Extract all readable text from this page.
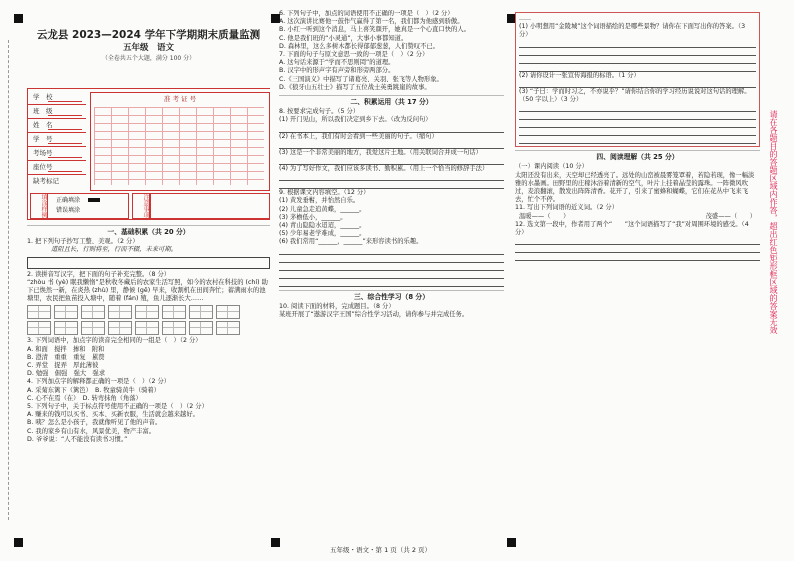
云龙县 2023—2024 学年下学期期末质量监测
五年级　语文
（全卷共五个大题，满分 100 分）
学　校
班　级
姓　名
学　号
考场号
座位号
缺考标记
准 考 证 号
填涂样例 正确填涂
错误填涂	注意事项
一、基础积累（共 20 分）

1. 把下列句子抄写工整、美观。（2 分）

道阻且长，行则将至，行而不辍，未来可期。

2. 读拼音写汉字，把下面的句子补充完整。（8 分）

“zhòu 书 (yè) 眠我懒惰”是秋收冬藏后的农家生活写照，如今的农村在科技的 (chí) 助下已焕然一新，在炎热 (zhù) 里，静候 (gē) 早来，收割机在田间奔忙；蓄满雨水的池塘里，农民把鱼苗投入塘中，随着 (fán) 殖，鱼儿逐渐长大……

3. 下列词语中，加点字的读音完全相同的一组是（　）（2 分）

A. 和面　搅拌　掺和　附和

B. 澄清　重重　重复　累赘

C. 弄堂　捉弄　厚此薄彼

D. 勉强　倔强　强大　强求

4. 下列加点字的解释都正确的一项是（　）（2 分）

A. 采菊东篱下（篱笆）　B. 牧童骑黄牛（骑着）

C. 心不在焉（在）　D. 转弯抹角（角落）

5. 下列句子中，关于标点符号使用不正确的一项是（　）（2 分）

A. 赚来的钱可以买书、买本、买新衣服，生活就会越来越好。

B. 咦？怎么是小孩子，我就像听见了他的声音。

C. 我的家乡有山有水，风景优美，物产丰富。

D. 爷爷说：“人不能没有读书习惯。”

6. 下列句子中，加点的词语使用不正确的一项是（　）（2 分）

A. 这次演讲比赛他一鼓作气赢得了第一名，我们都为他感到骄傲。

B. 小红一听到这个消息，马上喜笑颜开，她真是一个心直口快的人。

C. 他是我们班的“小灵通”，大事小事都知道。

D. 森林里，这么多树木都长得郁郁葱葱，人们赞叹不已。

7. 下面的句子与原文意思一致的一项是（　）（2 分）

A. 这句话来源于“学而不思则罔”的道理。

B. 汉字中的形声字有声旁和形旁两部分。

C.《三国演义》中描写了诸葛亮、关羽、张飞等人物形象。

D.《狼牙山五壮士》描写了五位战士英勇跳崖的故事。

二、积累运用（共 17 分）

8. 按要求完成句子。（5 分）

(1) 开门见山，所以我们决定到乡下去。（改为反问句）

(2) 在书本上，我们有时会看到一些美丽的句子。（缩句）

(3) 这是一个非常美丽的地方，我爱这片土地。（用关联词合并成一句话）

(4) 为了写好作文，我们应该多读书、勤积累。（用上一个恰当的修辞手法）

9. 根据课文内容填空。（12 分）

(1) 黄发垂髫，并怡然自乐。

(2) 儿童急走追黄蝶，______。

(3) 茅檐低小，______。

(4) 青山隐隐水迢迢，______。

(5) 少年易老学难成，______。

(6) 我们常用“______，______”来形容读书的乐趣。

三、综合性学习（8 分）

10. 阅读下面的材料，完成题目。（8 分）

某班开展了“遨游汉字王国”综合性学习活动，请你参与并完成任务。

......

(1) 小明想用“金陵城”这个词语描绘的是哪些景物？请你在下面写出你的答案。（3 分）

(2) 请你设计一张宣传海报的标语。（1 分）

(3) “子曰：学而时习之，不亦说乎？”请你结合你的学习经历说说对这句话的理解。（50 字以上）（3 分）

四、阅读理解（共 25 分）

（一）课内阅读（10 分）

太阳还没有出来，天空却已经透亮了。远处的山峦被晨雾笼罩着，若隐若现，像一幅淡雅的水墨画。田野里的庄稼沐浴着清新的空气，叶片上挂着晶莹的露珠。一阵微风吹过，麦浪翻滚，散发出阵阵清香。花开了，引来了蜜蜂和蝴蝶，它们在花丛中飞来飞去，忙个不停。

11. 写出下列词语的近义词。（2 分）

温暖——（　　）	茂盛——（　　）

12. 选文第一段中，作者用了两个“　　”这个词语描写了“我”对周围环境的感受。（4 分）	请在各题目的答题区域内作答，超出红色矩形框区域的答案无效
五年级・语文・第 1 页（共 2 页）
